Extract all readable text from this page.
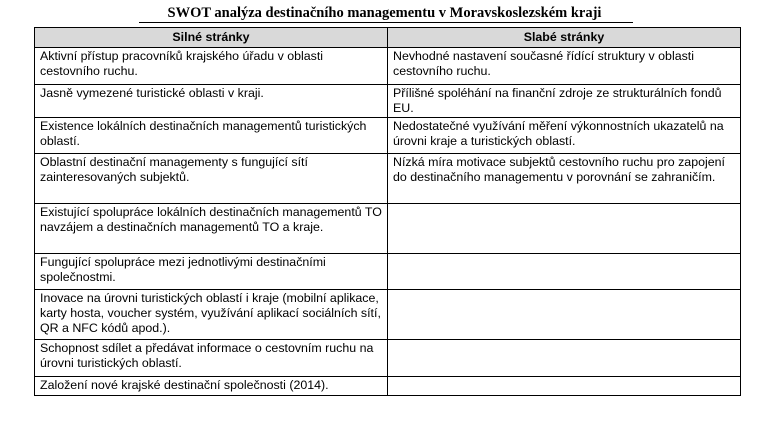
SWOT analýza destinačního managementu v Moravskoslezském kraji
Silné stránky	Slabé stránky
Aktivní přístup pracovníků krajského úřadu v oblasti cestovního ruchu.	Nevhodné nastavení současné řídící struktury v oblasti cestovního ruchu.
Jasně vymezené turistické oblasti v kraji.	Přílišné spoléhání na finanční zdroje ze strukturálních fondů EU.
Existence lokálních destinačních managementů turistických oblastí.	Nedostatečné využívání měření výkonnostních ukazatelů na úrovni kraje a turistických oblastí.
Oblastní destinační managementy s fungující sítí zainteresovaných subjektů.	Nízká míra motivace subjektů cestovního ruchu pro zapojení do destinačního managementu v porovnání se zahraničím.
Existující spolupráce lokálních destinačních managementů TO navzájem a destinačních managementů TO a kraje.	
Fungující spolupráce mezi jednotlivými destinačními společnostmi.	
Inovace na úrovni turistických oblastí i kraje (mobilní aplikace, karty hosta, voucher systém, využívání aplikací sociálních sítí, QR a NFC kódů apod.).	
Schopnost sdílet a předávat informace o cestovním ruchu na úrovni turistických oblastí.	
Založení nové krajské destinační společnosti (2014).	
